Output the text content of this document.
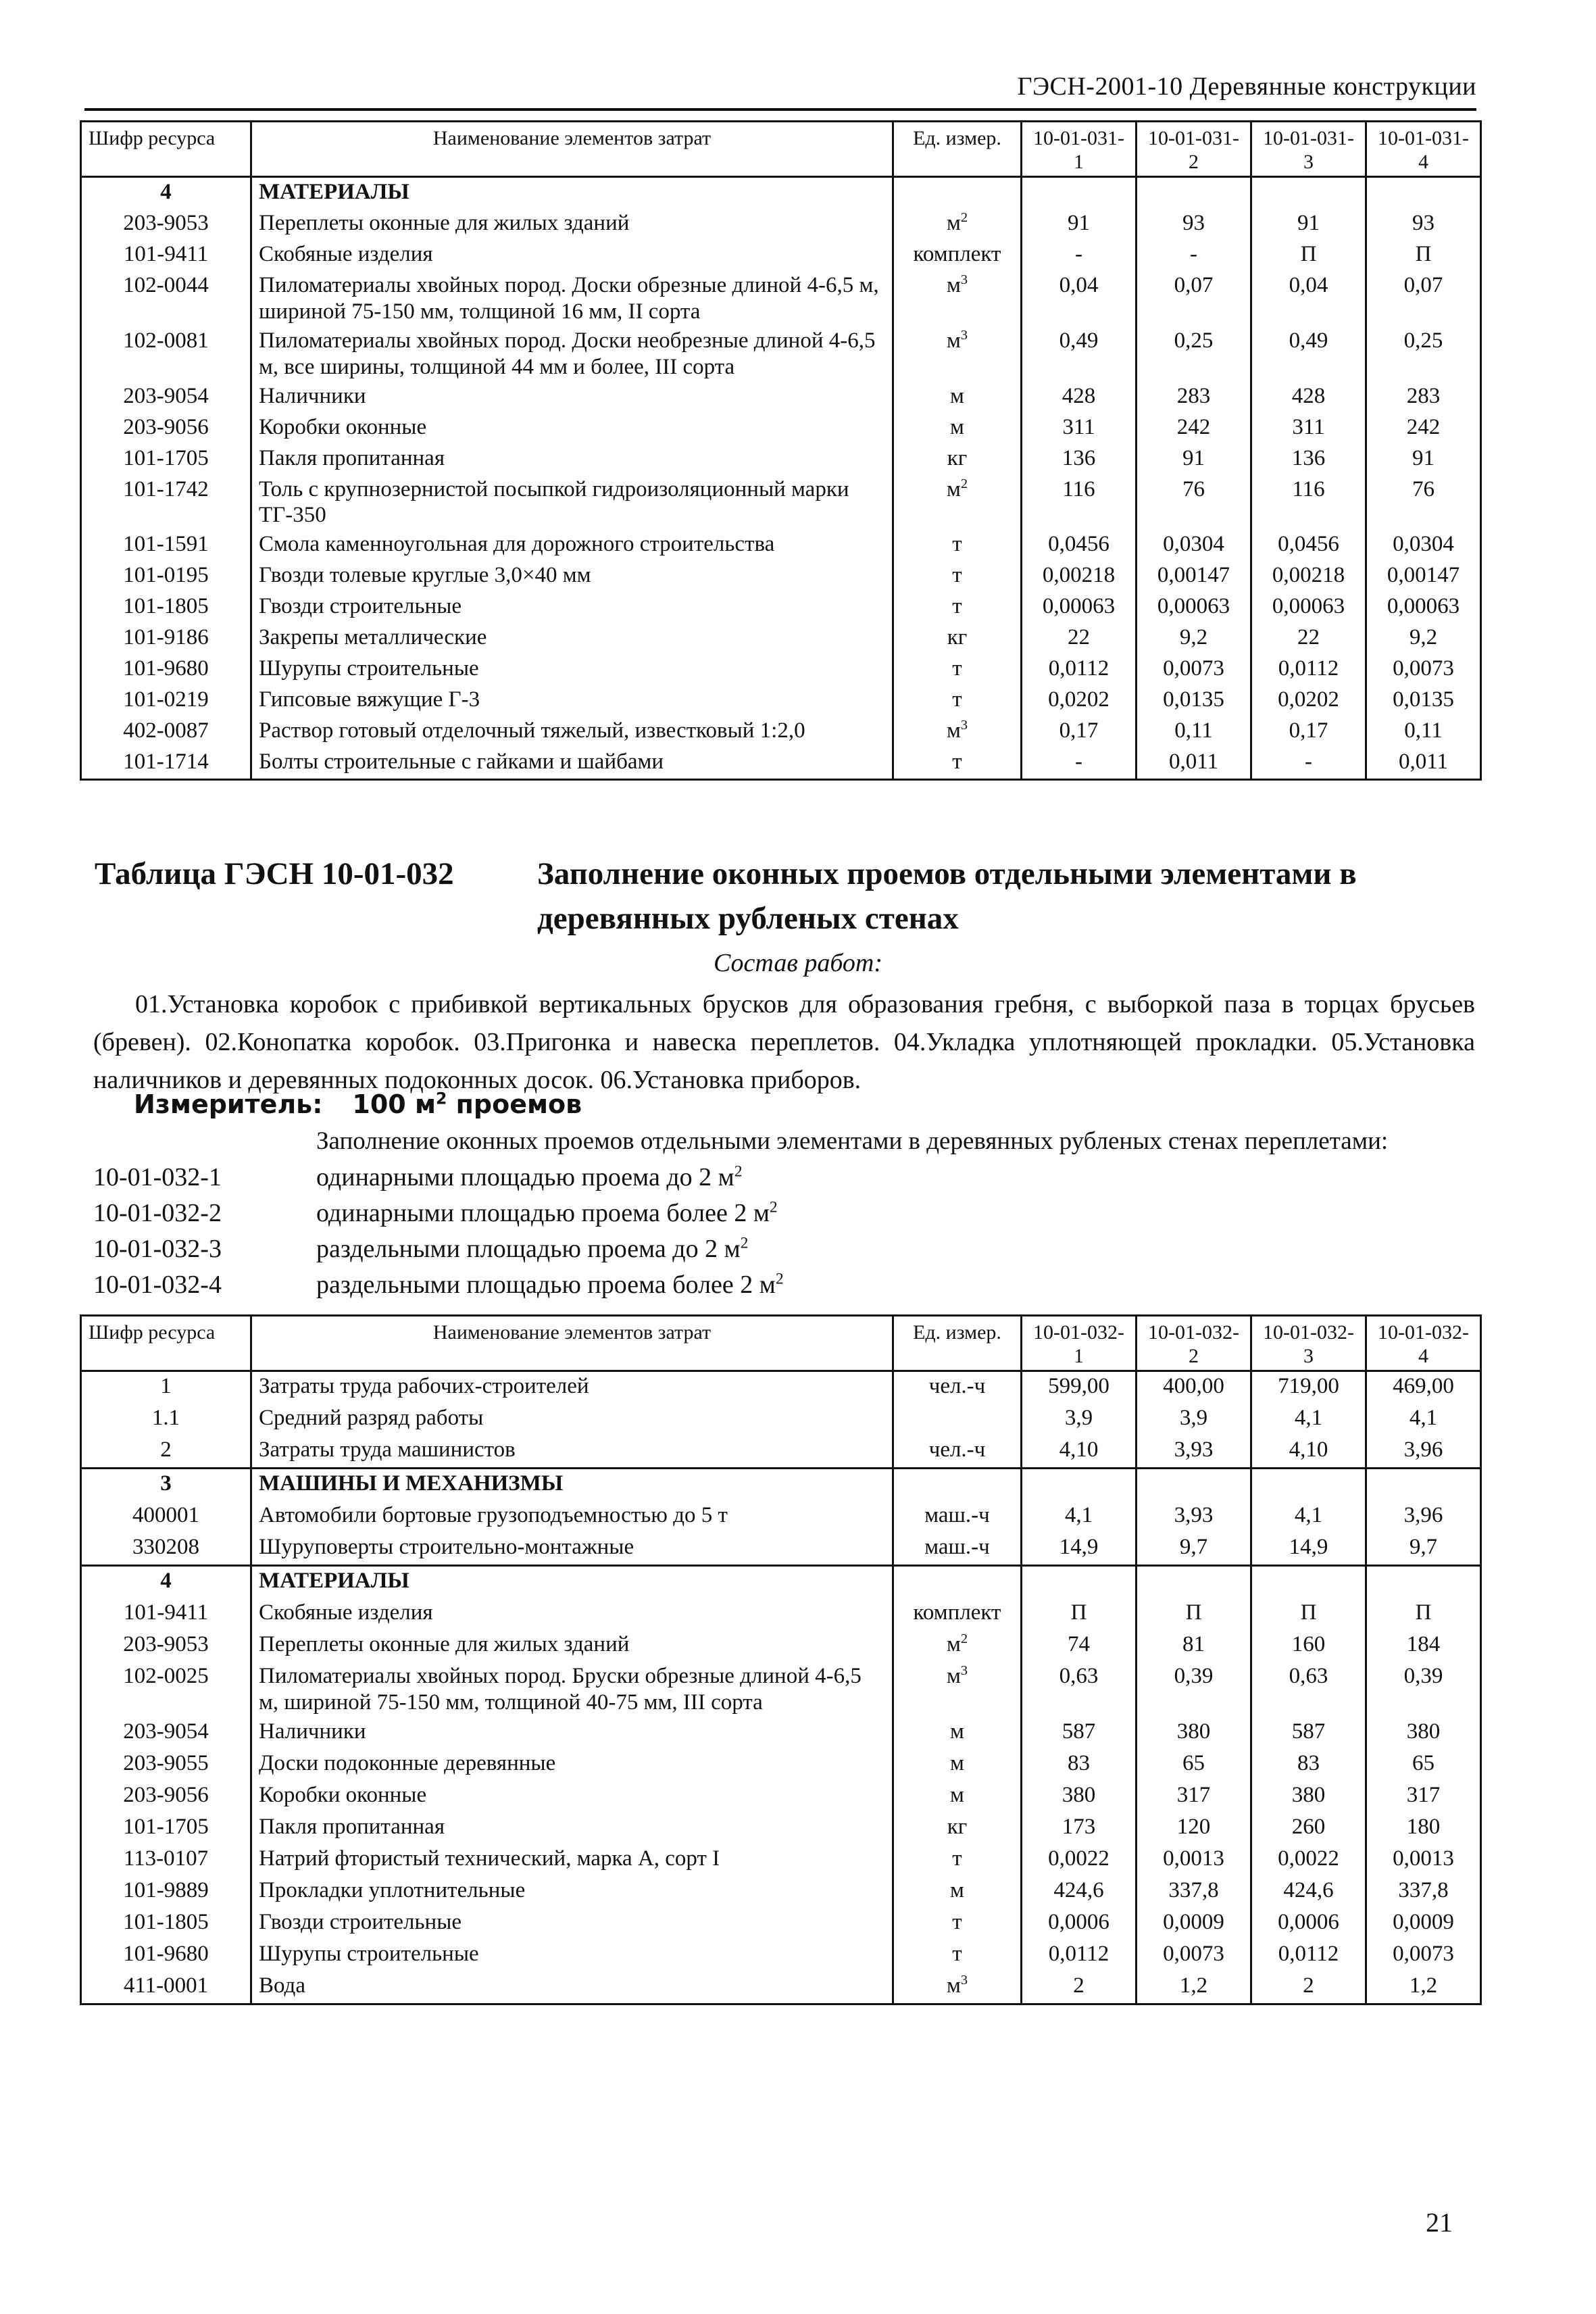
ГЭСН-2001-10 Деревянные конструкции
Шифр ресурса	Наименование элементов затрат	Ед. измер.	10-01-031-1	10-01-031-2	10-01-031-3	10-01-031-4
4	МАТЕРИАЛЫ					
203-9053	Переплеты оконные для жилых зданий	$м^2$	91	93	91	93
101-9411	Скобяные изделия	комплект	-	-	П	П
102-0044	Пиломатериалы хвойных пород. Доски обрезные длиной 4-6,5 м, шириной 75-150 мм, толщиной 16 мм, II сорта	$м^3$	0,04	0,07	0,04	0,07
102-0081	Пиломатериалы хвойных пород. Доски необрезные длиной 4-6,5 м, все ширины, толщиной 44 мм и более, III сорта	$м^3$	0,49	0,25	0,49	0,25
203-9054	Наличники	м	428	283	428	283
203-9056	Коробки оконные	м	311	242	311	242
101-1705	Пакля пропитанная	кг	136	91	136	91
101-1742	Толь с крупнозернистой посыпкой гидроизоляционный марки ТГ-350	$м^2$	116	76	116	76
101-1591	Смола каменноугольная для дорожного строительства	т	0,0456	0,0304	0,0456	0,0304
101-0195	Гвозди толевые круглые 3,0×40 мм	т	0,00218	0,00147	0,00218	0,00147
101-1805	Гвозди строительные	т	0,00063	0,00063	0,00063	0,00063
101-9186	Закрепы металлические	кг	22	9,2	22	9,2
101-9680	Шурупы строительные	т	0,0112	0,0073	0,0112	0,0073
101-0219	Гипсовые вяжущие Г-3	т	0,0202	0,0135	0,0202	0,0135
402-0087	Раствор готовый отделочный тяжелый, известковый 1:2,0	$м^3$	0,17	0,11	0,17	0,11
101-1714	Болты строительные с гайками и шайбами	т	-	0,011	-	0,011
Таблица ГЭСН 10-01-032	Заполнение оконных проемов отдельными элементами в деревянных рубленых стенах
Состав работ:
01.Установка коробок с прибивкой вертикальных брусков для образования гребня, с выборкой паза в торцах брусьев (бревен). 02.Конопатка коробок. 03.Пригонка и навеска переплетов. 04.Укладка уплотняющей прокладки. 05.Установка наличников и деревянных подоконных досок. 06.Установка приборов.
Измеритель: 100 $м^2$ проемов
Заполнение оконных проемов отдельными элементами в деревянных рубленых стенах переплетами:
10-01-032-1	одинарными площадью проема до 2 $м^2$
10-01-032-2	одинарными площадью проема более 2 $м^2$
10-01-032-3	раздельными площадью проема до 2 $м^2$
10-01-032-4	раздельными площадью проема более 2 $м^2$
Шифр ресурса	Наименование элементов затрат	Ед. измер.	10-01-032-1	10-01-032-2	10-01-032-3	10-01-032-4
1	Затраты труда рабочих-строителей	чел.-ч	599,00	400,00	719,00	469,00
1.1	Средний разряд работы		3,9	3,9	4,1	4,1
2	Затраты труда машинистов	чел.-ч	4,10	3,93	4,10	3,96
3	МАШИНЫ И МЕХАНИЗМЫ					
400001	Автомобили бортовые грузоподъемностью до 5 т	маш.-ч	4,1	3,93	4,1	3,96
330208	Шуруповерты строительно-монтажные	маш.-ч	14,9	9,7	14,9	9,7
4	МАТЕРИАЛЫ					
101-9411	Скобяные изделия	комплект	П	П	П	П
203-9053	Переплеты оконные для жилых зданий	$м^2$	74	81	160	184
102-0025	Пиломатериалы хвойных пород. Бруски обрезные длиной 4-6,5 м, шириной 75-150 мм, толщиной 40-75 мм, III сорта	$м^3$	0,63	0,39	0,63	0,39
203-9054	Наличники	м	587	380	587	380
203-9055	Доски подоконные деревянные	м	83	65	83	65
203-9056	Коробки оконные	м	380	317	380	317
101-1705	Пакля пропитанная	кг	173	120	260	180
113-0107	Натрий фтористый технический, марка А, сорт I	т	0,0022	0,0013	0,0022	0,0013
101-9889	Прокладки уплотнительные	м	424,6	337,8	424,6	337,8
101-1805	Гвозди строительные	т	0,0006	0,0009	0,0006	0,0009
101-9680	Шурупы строительные	т	0,0112	0,0073	0,0112	0,0073
411-0001	Вода	$м^3$	2	1,2	2	1,2
21
